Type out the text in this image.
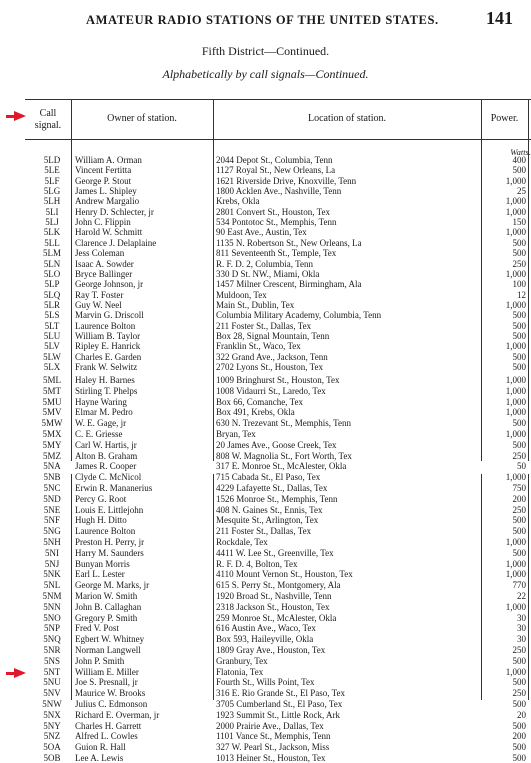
AMATEUR RADIO STATIONS OF THE UNITED STATES.	141
Fifth District—Continued.
Alphabetically by call signals—Continued.
Call
signal.
Owner of station.	Location of station.	Power.
Watts.
5LD	William A. Orman	2044 Depot St., Columbia, Tenn	400
5LE	Vincent Fertitta	1127 Royal St., New Orleans, La	500
5LF	George P. Stout	1621 Riverside Drive, Knoxville, Tenn	1,000
5LG	James L. Shipley	1800 Acklen Ave., Nashville, Tenn	25
5LH	Andrew Margalio	Krebs, Okla	1,000
5LI	Henry D. Schlecter, jr	2801 Convert St., Houston, Tex	1,000
5LJ	John C. Flippin	534 Pontotoc St., Memphis, Tenn	150
5LK	Harold W. Schmitt	90 East Ave., Austin, Tex	1,000
5LL	Clarence J. Delaplaine	1135 N. Robertson St., New Orleans, La	500
5LM	Jess Coleman	811 Seventeenth St., Temple, Tex	500
5LN	Isaac A. Sowder	R. F. D. 2, Columbia, Tenn	250
5LO	Bryce Ballinger	330 D St. NW., Miami, Okla	1,000
5LP	George Johnson, jr	1457 Milner Crescent, Birmingham, Ala	100
5LQ	Ray T. Foster	Muldoon, Tex	12
5LR	Guy W. Neel	Main St., Dublin, Tex	1,000
5LS	Marvin G. Driscoll	Columbia Military Academy, Columbia, Tenn	500
5LT	Laurence Bolton	211 Foster St., Dallas, Tex	500
5LU	William B. Taylor	Box 28, Signal Mountain, Tenn	500
5LV	Ripley E. Hanrick	Franklin St., Waco, Tex	1,000
5LW	Charles E. Garden	322 Grand Ave., Jackson, Tenn	500
5LX	Frank W. Selwitz	2702 Lyons St., Houston, Tex	500
5ML	Haley H. Barnes	1009 Bringhurst St., Houston, Tex	1,000
5MT	Stirling T. Phelps	1008 Vidaurri St., Laredo, Tex	1,000
5MU	Hayne Waring	Box 66, Comanche, Tex	1,000
5MV	Elmar M. Pedro	Box 491, Krebs, Okla	1,000
5MW	W. E. Gage, jr	630 N. Trezevant St., Memphis, Tenn	500
5MX	C. E. Griesse	Bryan, Tex	1,000
5MY	Carl W. Hartis, jr	20 James Ave., Goose Creek, Tex	500
5MZ	Alton B. Graham	808 W. Magnolia St., Fort Worth, Tex	250
5NA	James R. Cooper	317 E. Monroe St., McAlester, Okla	50
5NB	Clyde C. McNicol	715 Cabada St., El Paso, Tex	1,000
5NC	Erwin R. Mananerius	4229 Lafayette St., Dallas, Tex	750
5ND	Percy G. Root	1526 Monroe St., Memphis, Tenn	200
5NE	Louis E. Littlejohn	408 N. Gaines St., Ennis, Tex	250
5NF	Hugh H. Ditto	Mesquite St., Arlington, Tex	500
5NG	Laurence Bolton	211 Foster St., Dallas, Tex	500
5NH	Preston H. Perry, jr	Rockdale, Tex	1,000
5NI	Harry M. Saunders	4411 W. Lee St., Greenville, Tex	500
5NJ	Bunyan Morris	R. F. D. 4, Bolton, Tex	1,000
5NK	Earl L. Lester	4110 Mount Vernon St., Houston, Tex	1,000
5NL	George M. Marks, jr	615 S. Perry St., Montgomery, Ala	770
5NM	Marion W. Smith	1920 Broad St., Nashville, Tenn	22
5NN	John B. Callaghan	2318 Jackson St., Houston, Tex	1,000
5NO	Gregory P. Smith	259 Monroe St., McAlester, Okla	30
5NP	Fred V. Post	616 Austin Ave., Waco, Tex	30
5NQ	Egbert W. Whitney	Box 593, Haileyville, Okla	30
5NR	Norman Langwell	1809 Gray Ave., Houston, Tex	250
5NS	John P. Smith	Granbury, Tex	500
5NT	William E. Miller	Flatonia, Tex	1,000
5NU	Joe S. Presnall, jr	Fourth St., Wills Point, Tex	500
5NV	Maurice W. Brooks	316 E. Rio Grande St., El Paso, Tex	250
5NW	Julius C. Edmonson	3705 Cumberland St., El Paso, Tex	500
5NX	Richard E. Overman, jr	1923 Summit St., Little Rock, Ark	20
5NY	Charles H. Garrett	2000 Prairie Ave., Dallas, Tex	500
5NZ	Alfred L. Cowles	1101 Vance St., Memphis, Tenn	200
5OA	Guion R. Hall	327 W. Pearl St., Jackson, Miss	500
5OB	Lee A. Lewis	1013 Heiner St., Houston, Tex	500
